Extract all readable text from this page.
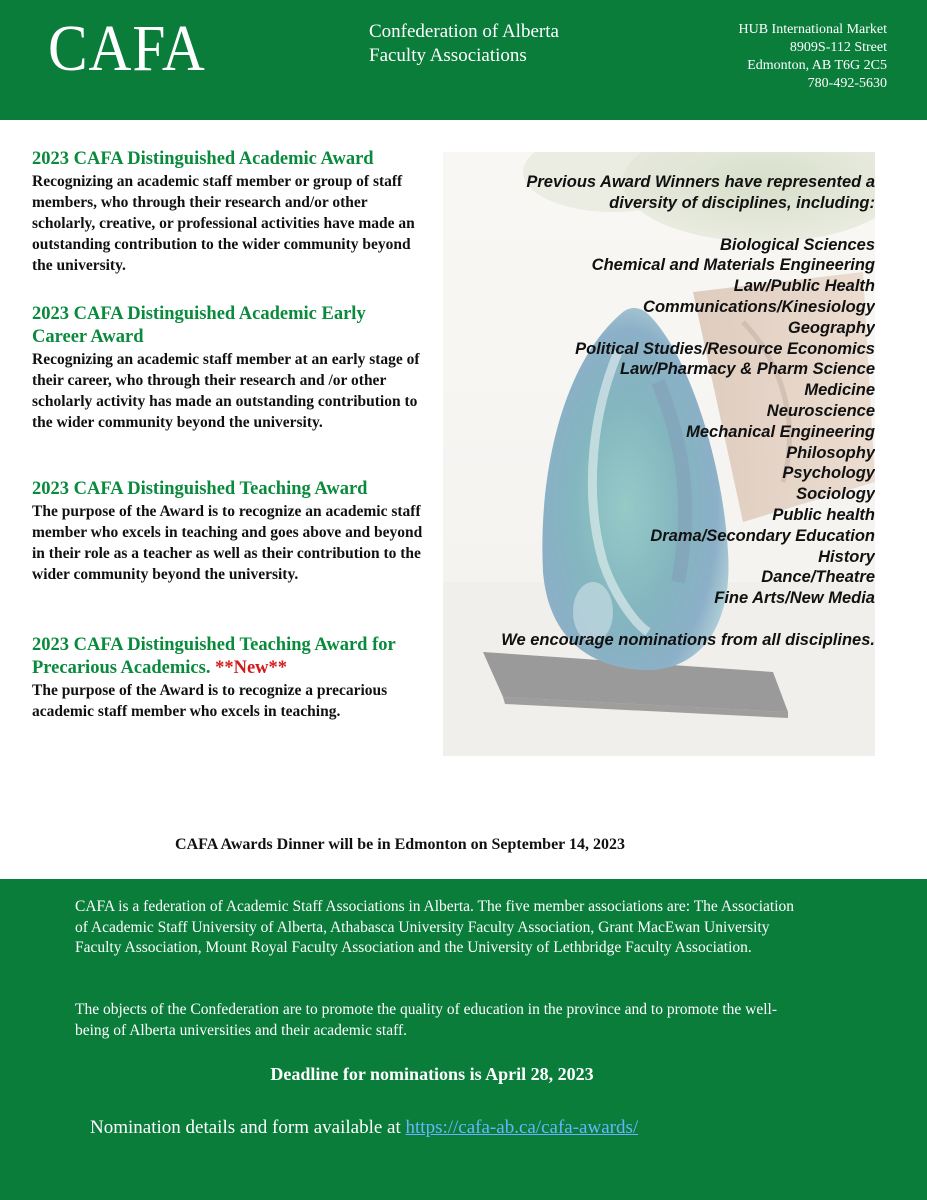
CAFA	Confederation of Alberta
Faculty Associations
HUB International Market
8909S-112 Street
Edmonton, AB T6G 2C5
780-492-5630
2023 CAFA Distinguished Academic Award
Recognizing an academic staff member or group of staff members, who through their research and/or other scholarly, creative, or professional activities have made an outstanding contribution to the wider community beyond the university.
2023 CAFA Distinguished Academic Early Career Award
Recognizing an academic staff member at an early stage of their career, who through their research and /or other scholarly activity has made an outstanding contribution to the wider community beyond the university.
2023 CAFA Distinguished Teaching Award
The purpose of the Award is to recognize an academic staff member who excels in teaching and goes above and beyond in their role as a teacher as well as their contribution to the wider community beyond the university.
2023 CAFA Distinguished Teaching Award for Precarious Academics. **New**
The purpose of the Award is to recognize a precarious academic staff member who excels in teaching.
Previous Award Winners have represented a diversity of disciplines, including:
Biological Sciences
Chemical and Materials Engineering
Law/Public Health
Communications/Kinesiology
Geography
Political Studies/Resource Economics
Law/Pharmacy & Pharm Science
Medicine
Neuroscience
Mechanical Engineering
Philosophy
Psychology
Sociology
Public health
Drama/Secondary Education
History
Dance/Theatre
Fine Arts/New Media
We encourage nominations from all disciplines.
CAFA Awards Dinner will be in Edmonton on September 14, 2023
CAFA is a federation of Academic Staff Associations in Alberta. The five member associations are: The Association of Academic Staff University of Alberta, Athabasca University Faculty Association, Grant MacEwan University Faculty Association, Mount Royal Faculty Association and the University of Lethbridge Faculty Association.
The objects of the Confederation are to promote the quality of education in the province and to promote the well-being of Alberta universities and their academic staff.
Deadline for nominations is April 28, 2023
Nomination details and form available at https://cafa-ab.ca/cafa-awards/
